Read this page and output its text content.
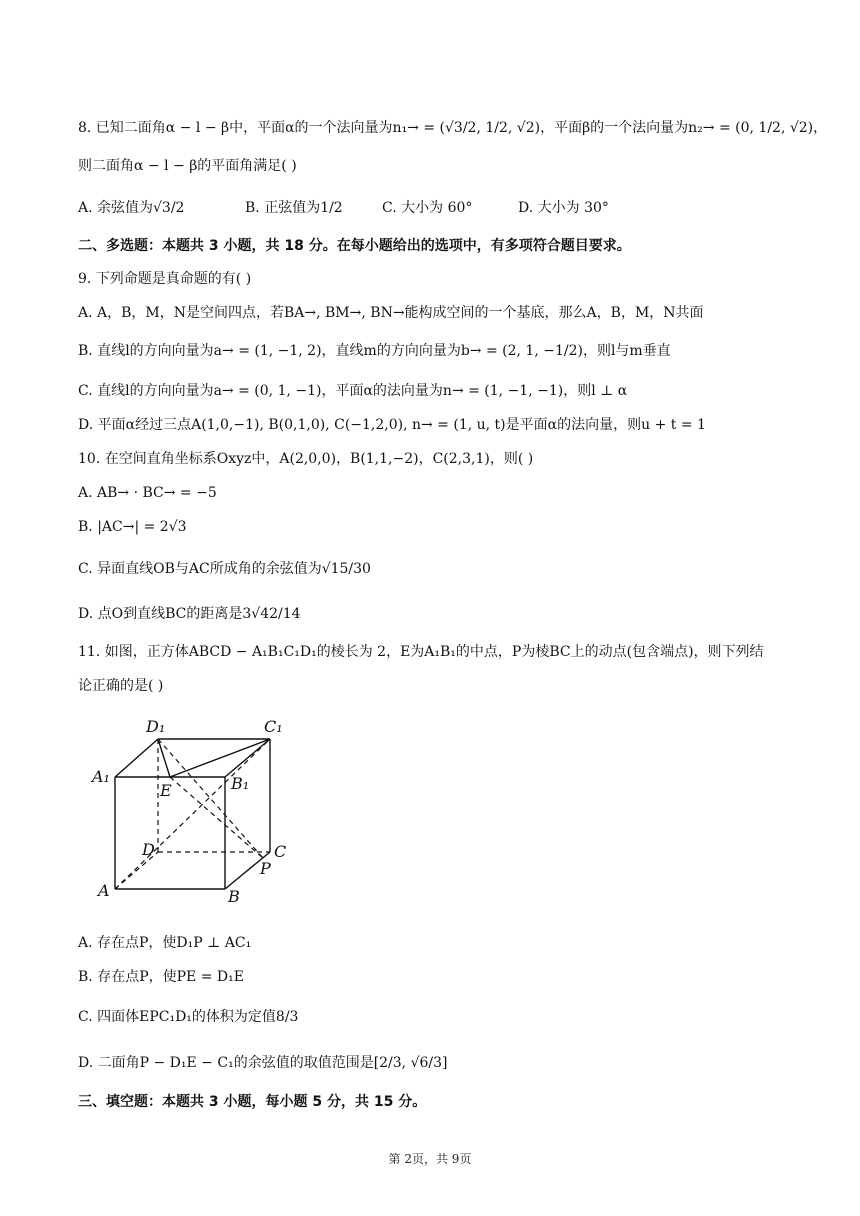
8. 已知二面角α − l − β中，平面α的一个法向量为n₁→ = (√3/2, 1/2, √2)，平面β的一个法向量为n₂→ = (0, 1/2, √2)，
则二面角α − l − β的平面角满足( )
A. 余弦值为√3/2	B. 正弦值为1/2	C. 大小为 60°	D. 大小为 30°
二、多选题：本题共 3 小题，共 18 分。在每小题给出的选项中，有多项符合题目要求。
9. 下列命题是真命题的有( )
A. A，B，M，N是空间四点，若BA→, BM→, BN→能构成空间的一个基底，那么A，B，M，N共面
B. 直线l的方向向量为a→ = (1, −1, 2)，直线m的方向向量为b→ = (2, 1, −1/2)，则l与m垂直
C. 直线l的方向向量为a→ = (0, 1, −1)，平面α的法向量为n→ = (1, −1, −1)，则l ⊥ α
D. 平面α经过三点A(1,0,−1), B(0,1,0), C(−1,2,0), n→ = (1, u, t)是平面α的法向量，则u + t = 1
10. 在空间直角坐标系Oxyz中，A(2,0,0)，B(1,1,−2)，C(2,3,1)，则( )
A. AB→ · BC→ = −5
B. |AC→| = 2√3
C. 异面直线OB与AC所成角的余弦值为√15/30
D. 点O到直线BC的距离是3√42/14
11. 如图，正方体ABCD − A₁B₁C₁D₁的棱长为 2，E为A₁B₁的中点，P为棱BC上的动点(包含端点)，则下列结
论正确的是( )
D₁	C₁
A₁	B₁
E
D	C
P
A	B
A. 存在点P，使D₁P ⊥ AC₁
B. 存在点P，使PE = D₁E
C. 四面体EPC₁D₁的体积为定值8/3
D. 二面角P − D₁E − C₁的余弦值的取值范围是[2/3, √6/3]
三、填空题：本题共 3 小题，每小题 5 分，共 15 分。
第 2页，共 9页
